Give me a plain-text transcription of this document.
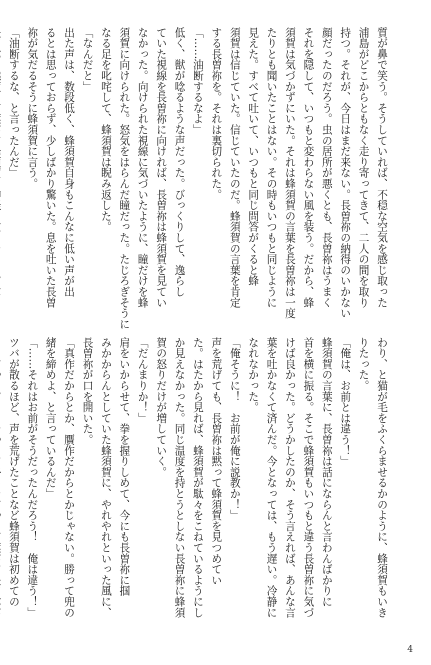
質が鼻で笑う。そうしていれば、不穏な空気を感じ取った

浦島がどこからともなく走り寄ってきて、二人の間を取り

持つ。それが、今日はまだ来ない。長曽祢の納得のいかない

顔だったのだろう。虫の居所が悪くとも、長曽祢はうまく

それを隠して、いつもと変わらない風を装う。だから、蜂

須賀は気づかずにいた。それは蜂須賀の言葉を長曽祢は一度

たりとも聞いたことはない。その時もいつもと同じように

見えた。すべて吐いて、いつもと同じ問答がくると蜂

須賀は信じていた。信じていたのだ。蜂須賀の言葉を肯定

する長曽祢を。それは裏切られた。

「……油断するなよ」

低く、獣が唸るような声だった。びっくりして、逸らし

ていた視線を長曽祢に向ければ、長曽祢は蜂須賀を見てい

なかった。向けられた視線に気づいたように、瞳だけを蜂

須賀に向けられた。怒気をはらんだ瞳だった。たじろぎそうに

なる足を叱咤して、蜂須賀は睨み返した。

「なんだと」

出た声は、数段低く、蜂須賀自身もこんなに低い声が出

るとは思っておらず、少しばかり驚いた。息を吐いた長曽

祢が気だるそうに蜂須賀に言う。

「油断するな、と言ったんだ」

わり、と猫が毛をふくらませるかのように、蜂須賀もいき

りたった。

「俺は、お前とは違う！」

蜂須賀の言葉に、長曽祢は話にならんと言わんばかりに

首を横に振る。そこで蜂須賀もいつもと違う長曽祢に気づ

けば良かった。どうかしたのか、そう言えれば、あんな言

葉を吐かなくて済んだ。今となっては、もう遅い。冷静に

なれなかった。

「俺そうに！　お前が俺に説教か！」

声を荒げても、長曽祢は黙って蜂須賀を見つめてい

た。はたから見れば、蜂須賀が駄々をこねているようにし

か見えなかった。同じ温度を持とうとしない長曽祢に蜂須

賀の怒りだけが増していく。

「だんまりか！」

肩をいからせて、拳を握りしめて、今にも長曽祢に掴

みかからんとしていた蜂須賀に、やれやれといった風に、

長曽祢が口を開いた。

「真作だからとか、贋作だからとかじゃない。勝って兜の

緒を締めよ、と言っているんだ」

「……それはお前がそうだったんだろう！　俺は違う！」

ツバが散るほど、声を荒げたことなど蜂須賀は初めての

4
